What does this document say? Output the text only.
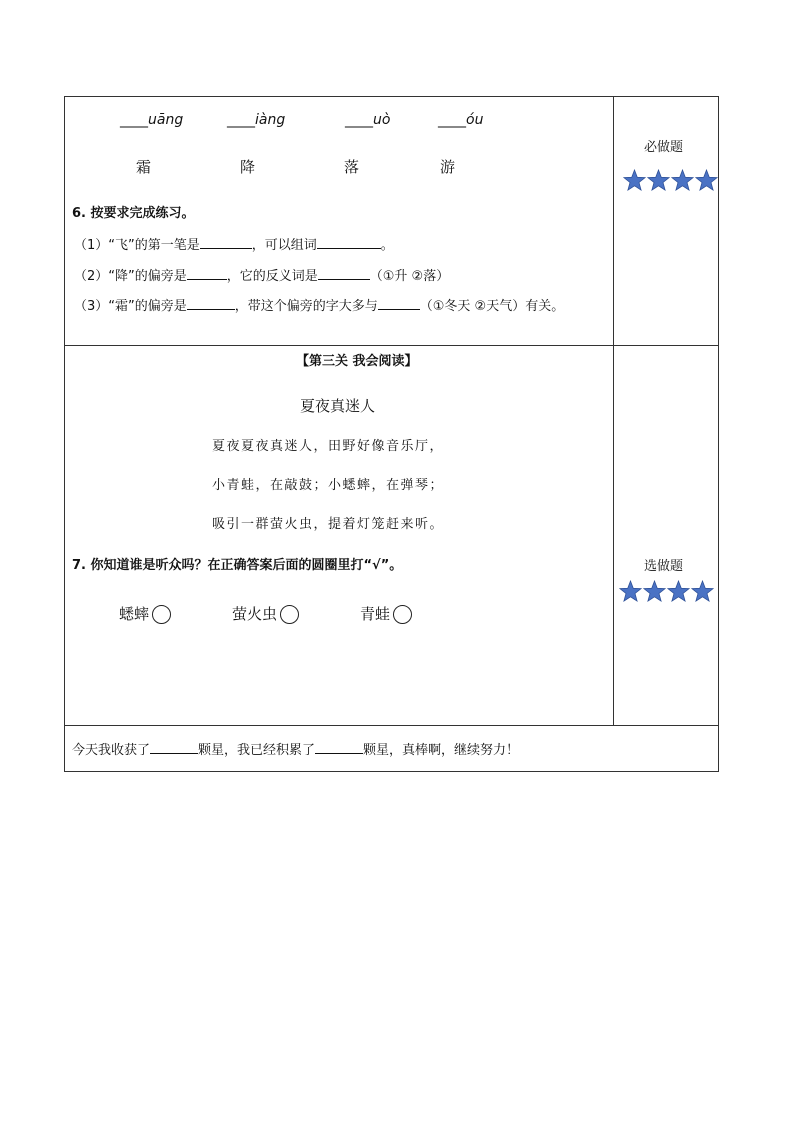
____uāng	____iàng	____uò	____óu
霜	降	落	游
6. 按要求完成练习。
（1）“飞”的第一笔是	，可以组词	。
（2）“降”的偏旁是	，它的反义词是	（①升 ②落）
（3）“霜”的偏旁是	，带这个偏旁的字大多与	（①冬天 ②天气）有关。
必做题
【第三关 我会阅读】
夏夜真迷人
夏夜夏夜真迷人，田野好像音乐厅，
小青蛙，在敲鼓；小蟋蟀，在弹琴；
吸引一群萤火虫，提着灯笼赶来听。
7. 你知道谁是听众吗？在正确答案后面的圆圈里打“√”。
蟋蟀	萤火虫	青蛙
选做题
今天我收获了	颗星，我已经积累了	颗星，真棒啊，继续努力！
